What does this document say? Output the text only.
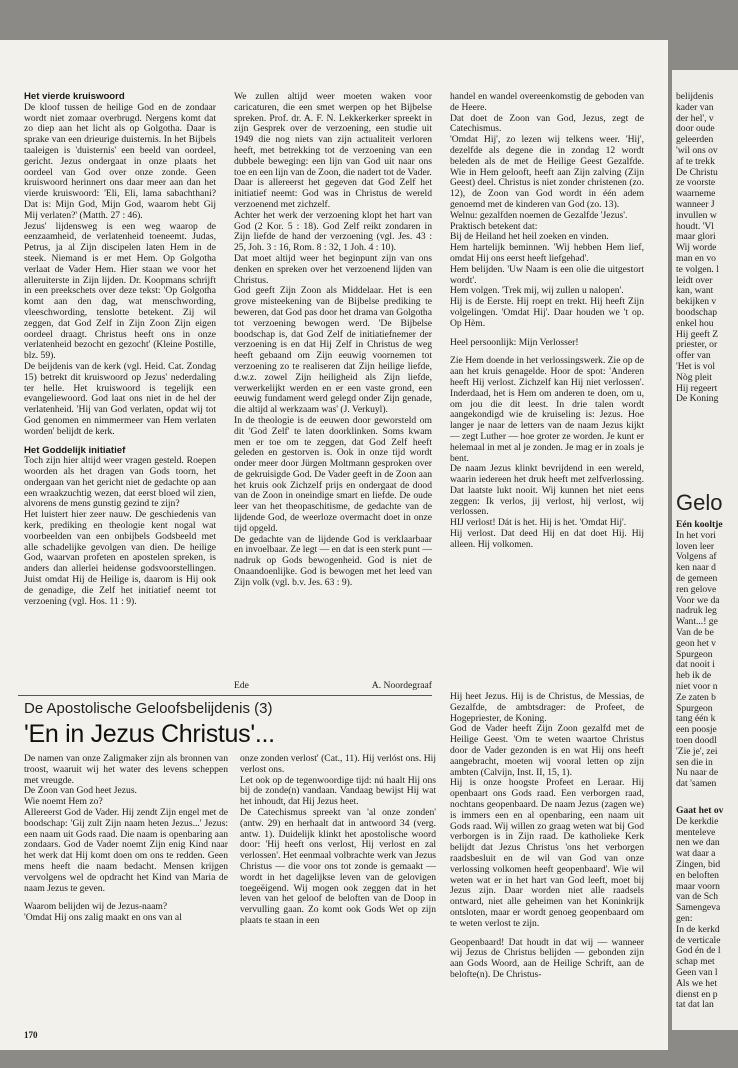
Het vierde kruiswoord

De kloof tussen de heilige God en de zondaar wordt niet zomaar overbrugd. Nergens komt dat zo diep aan het licht als op Golgotha. Daar is sprake van een drieurige duisternis. In het Bijbels taaleigen is 'duisternis' een beeld van oordeel, gericht. Jezus ondergaat in onze plaats het oordeel van God over onze zonde. Geen kruiswoord herinnert ons daar meer aan dan het vierde kruiswoord: 'Eli, Eli, lama sabachthani? Dat is: Mijn God, Mijn God, waarom hebt Gij Mij verlaten?' (Matth. 27 : 46).

Jezus' lijdensweg is een weg waarop de eenzaamheid, de verlatenheid toeneemt. Judas, Petrus, ja al Zijn discipelen laten Hem in de steek. Niemand is er met Hem. Op Golgotha verlaat de Vader Hem. Hier staan we voor het alleruiterste in Zijn lijden. Dr. Koopmans schrijft in een preekschets over deze tekst: 'Op Golgotha komt aan den dag, wat menschwording, vleeschwording, tenslotte betekent. Zij wil zeggen, dat God Zelf in Zijn Zoon Zijn eigen oordeel draagt. Christus heeft ons in onze verlatenheid bezocht en gezocht' (Kleine Postille, blz. 59).

De beijdenis van de kerk (vgl. Heid. Cat. Zondag 15) betrekt dit kruiswoord op Jezus' nederdaling ter helle. Het kruiswoord is tegelijk een evangeliewoord. God laat ons niet in de hel der verlatenheid. 'Hij van God verlaten, opdat wij tot God genomen en nimmermeer van Hem verlaten worden' belijdt de kerk.

Het Goddelijk initiatief

Toch zijn hier altijd weer vragen gesteld. Roepen woorden als het dragen van Gods toorn, het ondergaan van het gericht niet de gedachte op aan een wraakzuchtig wezen, dat eerst bloed wil zien, alvorens de mens gunstig gezind te zijn?

Het luistert hier zeer nauw. De geschiedenis van kerk, prediking en theologie kent nogal wat voorbeelden van een onbijbels Godsbeeld met alle schadelijke gevolgen van dien. De heilige God, waarvan profeten en apostelen spreken, is anders dan allerlei heidense godsvoorstellingen. Juist omdat Hij de Heilige is, daarom is Hij ook de genadige, die Zelf het initiatief neemt tot verzoening (vgl. Hos. 11 : 9).

We zullen altijd weer moeten waken voor caricaturen, die een smet werpen op het Bijbelse spreken. Prof. dr. A. F. N. Lekkerkerker spreekt in zijn Gesprek over de verzoening, een studie uit 1949 die nog niets van zijn actualiteit verloren heeft, met betrekking tot de verzoening van een dubbele beweging: een lijn van God uit naar ons toe en een lijn van de Zoon, die nadert tot de Vader.

Daar is allereerst het gegeven dat God Zelf het initiatief neemt: God was in Christus de wereld verzoenend met zichzelf.

Achter het werk der verzoening klopt het hart van God (2 Kor. 5 : 18). God Zelf reikt zondaren in Zijn liefde de hand der verzoening (vgl. Jes. 43 : 25, Joh. 3 : 16, Rom. 8 : 32, 1 Joh. 4 : 10).

Dat moet altijd weer het beginpunt zijn van ons denken en spreken over het verzoenend lijden van Christus.

God geeft Zijn Zoon als Middelaar. Het is een grove misteekening van de Bijbelse prediking te beweren, dat God pas door het drama van Golgotha tot verzoening bewogen werd. 'De Bijbelse boodschap is, dat God Zelf de initiatiefnemer der verzoening is en dat Hij Zelf in Christus de weg heeft gebaand om Zijn eeuwig voornemen tot verzoening zo te realiseren dat Zijn heilige liefde, d.w.z. zowel Zijn heiligheid als Zijn liefde, verwerkelijkt werden en er een vaste grond, een eeuwig fundament werd gelegd onder Zijn genade, die altijd al werkzaam was' (J. Verkuyl).

In de theologie is de eeuwen door geworsteld om dit 'God Zelf' te laten doorklinken. Soms kwam men er toe om te zeggen, dat God Zelf heeft geleden en gestorven is. Ook in onze tijd wordt onder meer door Jürgen Moltmann gesproken over de gekruisigde God. De Vader geeft in de Zoon aan het kruis ook Zichzelf prijs en ondergaat de dood van de Zoon in oneindige smart en liefde. De oude leer van het theopaschitisme, de gedachte van de lijdende God, de weerloze overmacht doet in onze tijd opgeld.

De gedachte van de lijdende God is verklaarbaar en invoelbaar. Ze legt — en dat is een sterk punt — nadruk op Gods bewogenheid. God is niet de Onaandoenlijke. God is bewogen met het leed van Zijn volk (vgl. b.v. Jes. 63 : 9).

Ede	A. Noordegraaf

handel en wandel overeenkomstig de geboden van de Heere.

Dat doet de Zoon van God, Jezus, zegt de Catechismus.

'Omdat Hij', zo lezen wij telkens weer. 'Hij', dezelfde als degene die in zondag 12 wordt beleden als de met de Heilige Geest Gezalfde. Wie in Hem gelooft, heeft aan Zijn zalving (Zijn Geest) deel. Christus is niet zonder christenen (zo. 12), de Zoon van God wordt in één adem genoemd met de kinderen van God (zo. 13).

Welnu: gezalfden noemen de Gezalfde 'Jezus'.

Praktisch betekent dat:

Bij de Heiland het heil zoeken en vinden.

Hem hartelijk beminnen. 'Wij hebben Hem lief, omdat Hij ons eerst heeft liefgehad'.

Hem belijden. 'Uw Naam is een olie die uitgestort wordt'.

Hem volgen. 'Trek mij, wij zullen u nalopen'.

Hij is de Eerste. Hij roept en trekt. Hij heeft Zijn volgelingen. 'Omdat Hij'. Daar houden we 't op. Op Hèm.

Heel persoonlijk: Mijn Verlosser!

Zie Hem doende in het verlossingswerk. Zie op de aan het kruis genagelde. Hoor de spot: 'Anderen heeft Hij verlost. Zichzelf kan Hij niet verlossen'. Inderdaad, het is Hem om anderen te doen, om u, om jou die dit leest. In drie talen wordt aangekondigd wie de kruiseling is: Jezus. Hoe langer je naar de letters van de naam Jezus kijkt — zegt Luther — hoe groter ze worden. Je kunt er helemaal in met al je zonden. Je mag er in zoals je bent.

De naam Jezus klinkt bevrijdend in een wereld, waarin iedereen het druk heeft met zelfverlossing. Dat laatste lukt nooit. Wij kunnen het niet eens zeggen: Ik verlos, jij verlost, hij verlost, wij verlossen.

HIJ verlost! Dát is het. Hij is het. 'Omdat Hij'.

Hij verlost. Dat deed Hij en dat doet Hij. Hij alleen. Hij volkomen.

De Apostolische Geloofsbelijdenis (3)
'En in Jezus Christus'...

De namen van onze Zaligmaker zijn als bronnen van troost, waaruit wij het water des levens scheppen met vreugde.

De Zoon van God heet Jezus.

Wie noemt Hem zo?

Allereerst God de Vader. Hij zendt Zijn engel met de boodschap: 'Gij zult Zijn naam heten Jezus...' Jezus: een naam uit Gods raad. Die naam is openbaring aan zondaars. God de Vader noemt Zijn enig Kind naar het werk dat Hij komt doen om ons te redden. Geen mens heeft die naam bedacht. Mensen krijgen vervolgens wel de opdracht het Kind van Maria de naam Jezus te geven.

Waarom belijden wij de Jezus-naam?

'Omdat Hij ons zalig maakt en ons van al

onze zonden verlost' (Cat., 11). Hij verlóst ons. Hij verlost ons.

Let ook op de tegenwoordige tijd: nú haalt Hij ons bij de zonde(n) vandaan. Vandaag bewijst Hij wat het inhoudt, dat Hij Jezus heet.

De Catechismus spreekt van 'al onze zonden' (antw. 29) en herhaalt dat in antwoord 34 (verg. antw. 1). Duidelijk klinkt het apostolische woord door: 'Hij heeft ons verlost, Hij verlost en zal verlossen'. Het eenmaal volbrachte werk van Jezus Christus — die voor ons tot zonde is gemaakt — wordt in het dagelijkse leven van de gelovigen toegeëigend. Wij mogen ook zeggen dat in het leven van het geloof de beloften van de Doop in vervulling gaan. Zo komt ook Gods Wet op zijn plaats te staan in een

Hij heet Jezus. Hij is de Christus, de Messias, de Gezalfde, de ambtsdrager: de Profeet, de Hogepriester, de Koning.

God de Vader heeft Zijn Zoon gezalfd met de Heilige Geest. 'Om te weten waartoe Christus door de Vader gezonden is en wat Hij ons heeft aangebracht, moeten wij vooral letten op zijn ambten (Calvijn, Inst. II, 15, 1).

Hij is onze hoogste Profeet en Leraar. Hij openbaart ons Gods raad. Een verborgen raad, nochtans geopenbaard. De naam Jezus (zagen we) is immers een en al openbaring, een naam uit Gods raad. Wij willen zo graag weten wat bij God verborgen is in Zijn raad. De katholieke Kerk belijdt dat Jezus Christus 'ons het verborgen raadsbesluit en de wil van God van onze verlossing volkomen heeft geopenbaard'. Wie wil weten wat er in het hart van God leeft, moet bij Jezus zijn. Daar worden niet alle raadsels ontward, niet alle geheimen van het Koninkrijk ontsloten, maar er wordt genoeg geopenbaard om te weten verlost te zijn.

Geopenbaard! Dat houdt in dat wij — wanneer wij Jezus de Christus belijden — gebonden zijn aan Gods Woord, aan de Heilige Schrift, aan de belofte(n). De Christus-

170
belijdenis
kader van
der hel', v
door oude
geleerden
'wil ons ov
af te trekk
De Christu
ze voorste
waarneme
wanneer J
invullen w
houdt. 'Vl
maar glori
Wij worde
man en vo
te volgen. l
leidt over
kan, want
bekijken v
boodschap
enkel hou
Hij geeft Z
priester, or
offer van
'Het is vol
Nòg pleit
Hij regeert
De Koning
Gelo
Eén kooltje
In het vori
loven leer
Volgens af
ken naar d
de gemeen
ren gelove
Voor we da
nadruk leg
Want...! ge
Van de be
geon het v
Spurgeon
dat nooit i
heb ik de
niet voor n
Ze zaten b
Spurgeon
tang één k
een poosje
toen doodl
'Zie je', zei
sen die in
Nu naar de
dat 'samen
Gaat het ov
De kerkdie
menteleve
nen we dan
wat daar a
Zingen, bid
en beloften
maar voorn
van de Sch
Samengeva
gen:
In de kerkd
de verticale
God én de l
schap met
Geen van l
Als we het
dienst en p
tat dat lan
